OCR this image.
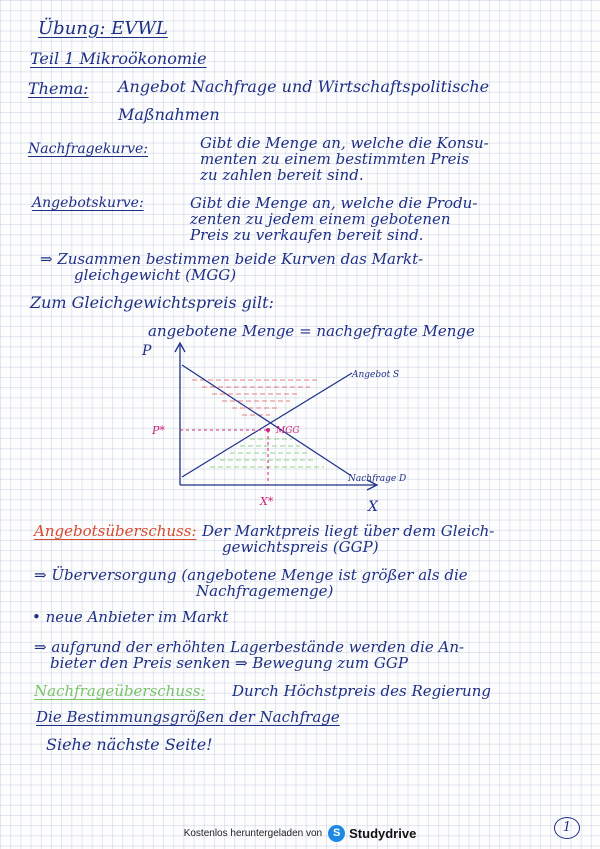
Übung: EVWL
Teil 1 Mikroökonomie
Thema: Angebot Nachfrage und Wirtschaftspolitische
Maßnahmen
Nachfragekurve:	Gibt die Menge an, welche die Konsu-
menten zu einem bestimmten Preis
zu zahlen bereit sind.
Angebotskurve:	Gibt die Menge an, welche die Produ-
zenten zu jedem einem gebotenen
Preis zu verkaufen bereit sind.
⇒ Zusammen bestimmen beide Kurven das Markt-
gleichgewicht (MGG)
Zum Gleichgewichtspreis gilt:
angebotene Menge = nachgefragte Menge
P
X
P*
X*
MGG
Angebot S
Nachfrage D
Angebotsüberschuss: Der Marktpreis liegt über dem Gleich-
gewichtspreis (GGP)
⇒ Überversorgung (angebotene Menge ist größer als die
Nachfragemenge)
• neue Anbieter im Markt
⇒ aufgrund der erhöhten Lagerbestände werden die An-
bieter den Preis senken ⇒ Bewegung zum GGP
Nachfrageüberschuss: Durch Höchstpreis des Regierung
Die Bestimmungsgrößen der Nachfrage
Siehe nächste Seite!
Kostenlos heruntergeladen von S Studydrive	1
